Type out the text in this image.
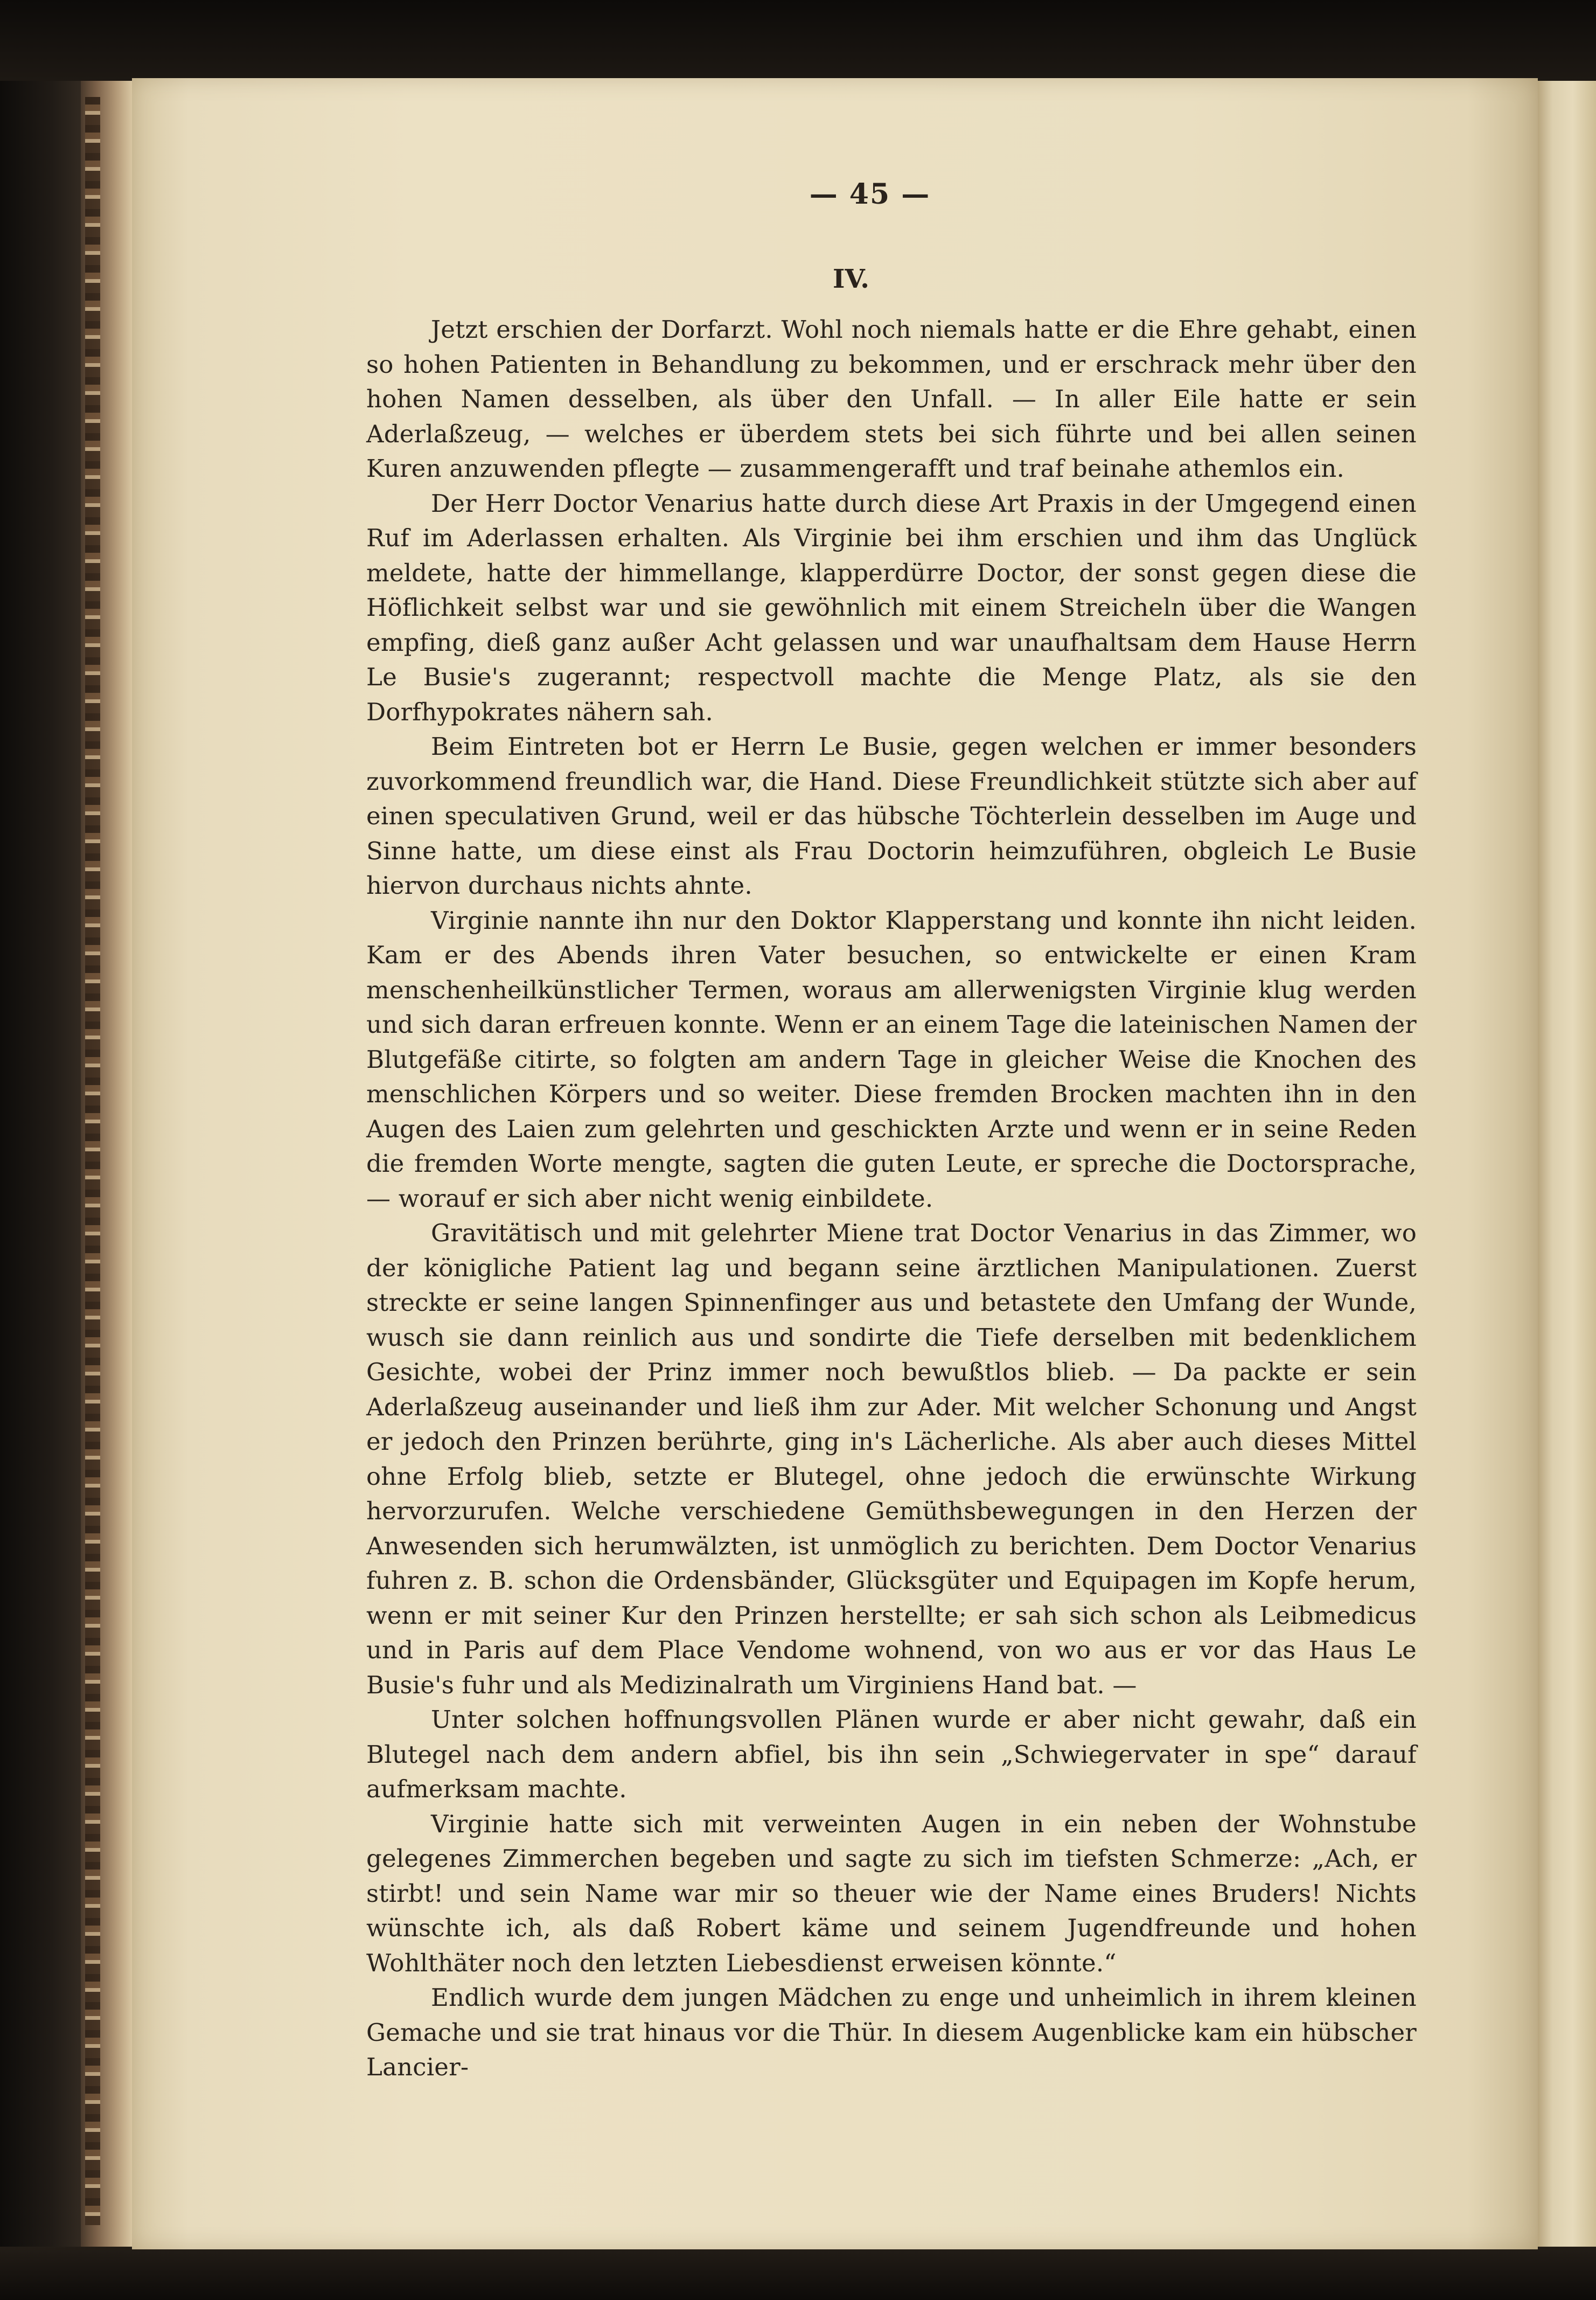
— 45 —
IV.

Jetzt erschien der Dorfarzt. Wohl noch niemals hatte er die Ehre gehabt, einen so hohen Patienten in Behandlung zu bekommen, und er erschrack mehr über den hohen Namen desselben, als über den Unfall. — In aller Eile hatte er sein Aderlaßzeug, — welches er überdem stets bei sich führte und bei allen seinen Kuren anzuwenden pflegte — zusammengerafft und traf beinahe athemlos ein.

Der Herr Doctor Venarius hatte durch diese Art Praxis in der Umgegend einen Ruf im Aderlassen erhalten. Als Virginie bei ihm erschien und ihm das Unglück meldete, hatte der himmellange, klapperdürre Doctor, der sonst gegen diese die Höflichkeit selbst war und sie gewöhnlich mit einem Streicheln über die Wangen empfing, dieß ganz außer Acht gelassen und war unaufhaltsam dem Hause Herrn Le Busie's zugerannt; respectvoll machte die Menge Platz, als sie den Dorfhypokrates nähern sah.

Beim Eintreten bot er Herrn Le Busie, gegen welchen er immer besonders zuvorkommend freundlich war, die Hand. Diese Freundlichkeit stützte sich aber auf einen speculativen Grund, weil er das hübsche Töchterlein desselben im Auge und Sinne hatte, um diese einst als Frau Doctorin heimzuführen, obgleich Le Busie hiervon durchaus nichts ahnte.

Virginie nannte ihn nur den Doktor Klapperstang und konnte ihn nicht leiden. Kam er des Abends ihren Vater besuchen, so entwickelte er einen Kram menschenheilkünstlicher Termen, woraus am allerwenigsten Virginie klug werden und sich daran erfreuen konnte. Wenn er an einem Tage die lateinischen Namen der Blutgefäße citirte, so folgten am andern Tage in gleicher Weise die Knochen des menschlichen Körpers und so weiter. Diese fremden Brocken machten ihn in den Augen des Laien zum gelehrten und geschickten Arzte und wenn er in seine Reden die fremden Worte mengte, sagten die guten Leute, er spreche die Doctorsprache, — worauf er sich aber nicht wenig einbildete.

Gravitätisch und mit gelehrter Miene trat Doctor Venarius in das Zimmer, wo der königliche Patient lag und begann seine ärztlichen Manipulationen. Zuerst streckte er seine langen Spinnenfinger aus und betastete den Umfang der Wunde, wusch sie dann reinlich aus und sondirte die Tiefe derselben mit bedenklichem Gesichte, wobei der Prinz immer noch bewußtlos blieb. — Da packte er sein Aderlaßzeug auseinander und ließ ihm zur Ader. Mit welcher Schonung und Angst er jedoch den Prinzen berührte, ging in's Lächerliche. Als aber auch dieses Mittel ohne Erfolg blieb, setzte er Blutegel, ohne jedoch die erwünschte Wirkung hervorzurufen. Welche verschiedene Gemüthsbewegungen in den Herzen der Anwesenden sich herumwälzten, ist unmöglich zu berichten. Dem Doctor Venarius fuhren z. B. schon die Ordensbänder, Glücksgüter und Equipagen im Kopfe herum, wenn er mit seiner Kur den Prinzen herstellte; er sah sich schon als Leibmedicus und in Paris auf dem Place Vendome wohnend, von wo aus er vor das Haus Le Busie's fuhr und als Medizinalrath um Virginiens Hand bat. —

Unter solchen hoffnungsvollen Plänen wurde er aber nicht gewahr, daß ein Blutegel nach dem andern abfiel, bis ihn sein „Schwiegervater in spe“ darauf aufmerksam machte.

Virginie hatte sich mit verweinten Augen in ein neben der Wohnstube gelegenes Zimmerchen begeben und sagte zu sich im tiefsten Schmerze: „Ach, er stirbt! und sein Name war mir so theuer wie der Name eines Bruders! Nichts wünschte ich, als daß Robert käme und seinem Jugendfreunde und hohen Wohlthäter noch den letzten Liebesdienst erweisen könnte.“

Endlich wurde dem jungen Mädchen zu enge und unheimlich in ihrem kleinen Gemache und sie trat hinaus vor die Thür. In diesem Augenblicke kam ein hübscher Lancier-
